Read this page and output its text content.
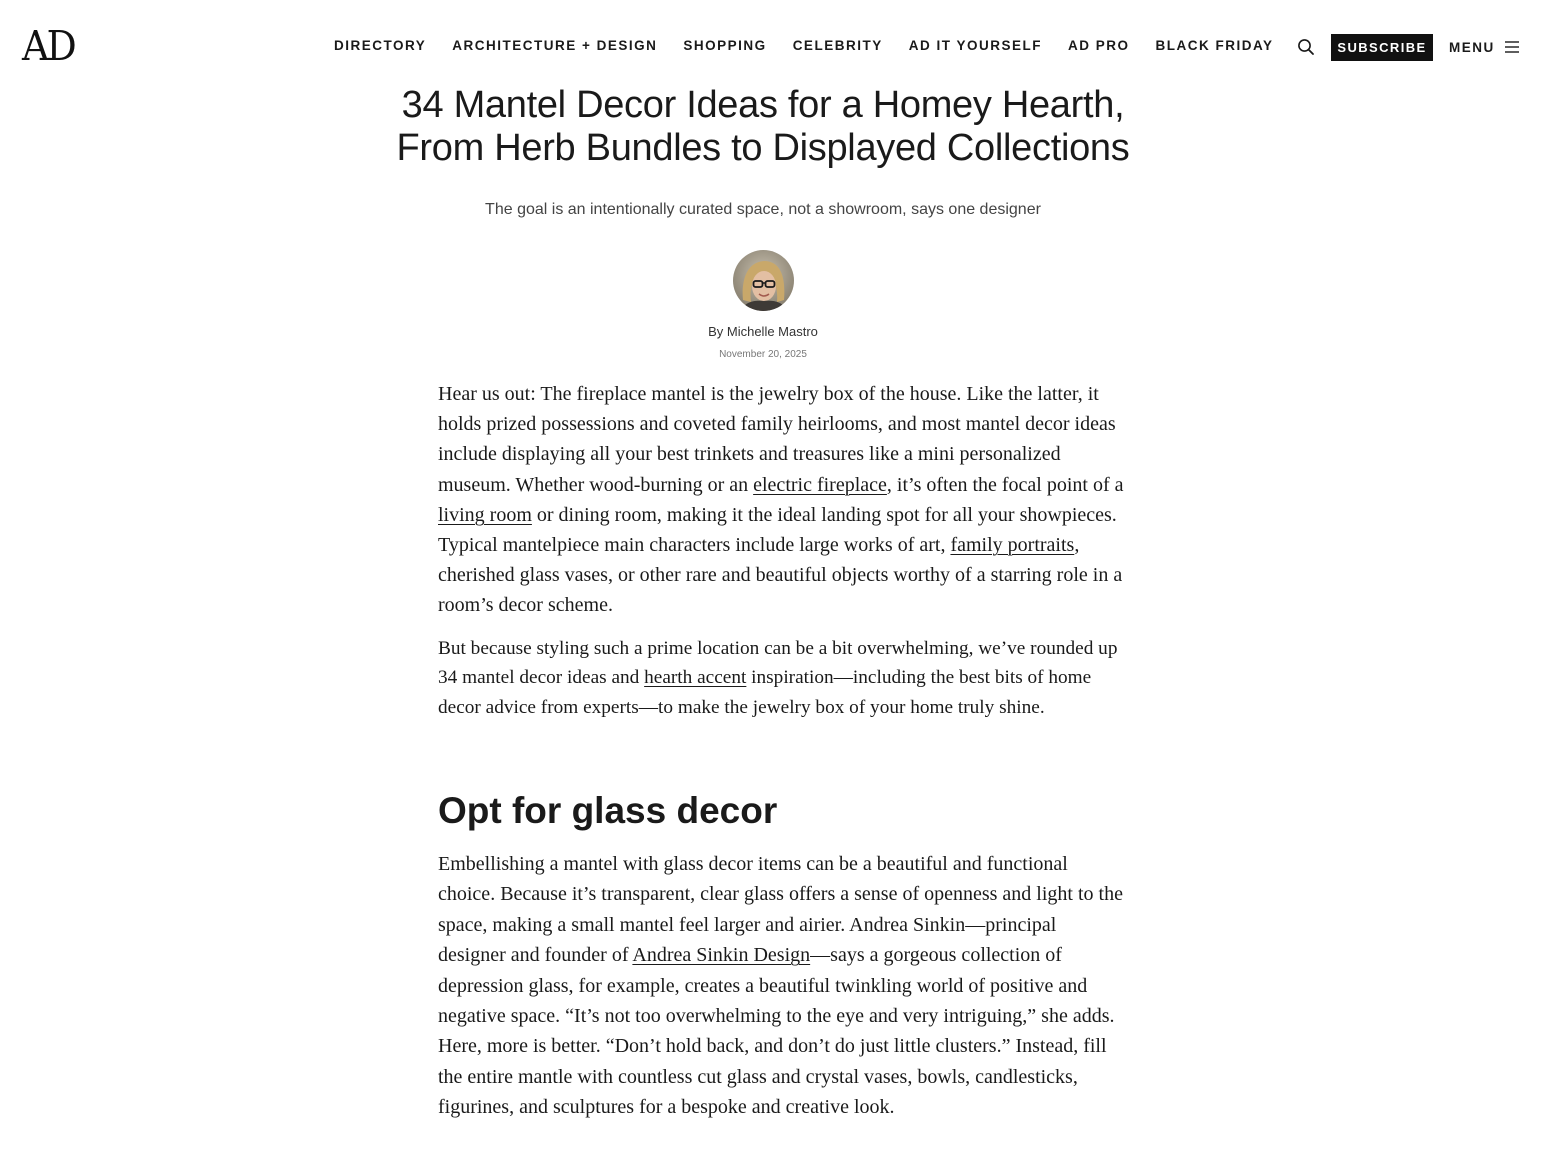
AD	DIRECTORY ARCHITECTURE + DESIGN SHOPPING CELEBRITY AD IT YOURSELF AD PRO BLACK FRIDAY	SUBSCRIBE	MENU
34 Mantel Decor Ideas for a Homey Hearth,
From Herb Bundles to Displayed Collections

The goal is an intentionally curated space, not a showroom, says one designer

By Michelle Mastro
November 20, 2025

Hear us out: The fireplace mantel is the jewelry box of the house. Like the latter, it holds prized possessions and coveted family heirlooms, and most mantel decor ideas include displaying all your best trinkets and treasures like a mini personalized museum. Whether wood-burning or an electric fireplace, it’s often the focal point of a living room or dining room, making it the ideal landing spot for all your showpieces. Typical mantelpiece main characters include large works of art, family portraits, cherished glass vases, or other rare and beautiful objects worthy of a starring role in a room’s decor scheme.

But because styling such a prime location can be a bit overwhelming, we’ve rounded up 34 mantel decor ideas and hearth accent inspiration—including the best bits of home decor advice from experts—to make the jewelry box of your home truly shine.

Opt for glass decor

Embellishing a mantel with glass decor items can be a beautiful and functional choice. Because it’s transparent, clear glass offers a sense of openness and light to the space, making a small mantel feel larger and airier. Andrea Sinkin—principal designer and founder of Andrea Sinkin Design—says a gorgeous collection of depression glass, for example, creates a beautiful twinkling world of positive and negative space. “It’s not too overwhelming to the eye and very intriguing,” she adds. Here, more is better. “Don’t hold back, and don’t do just little clusters.” Instead, fill the entire mantle with countless cut glass and crystal vases, bowls, candlesticks, figurines, and sculptures for a bespoke and creative look.
